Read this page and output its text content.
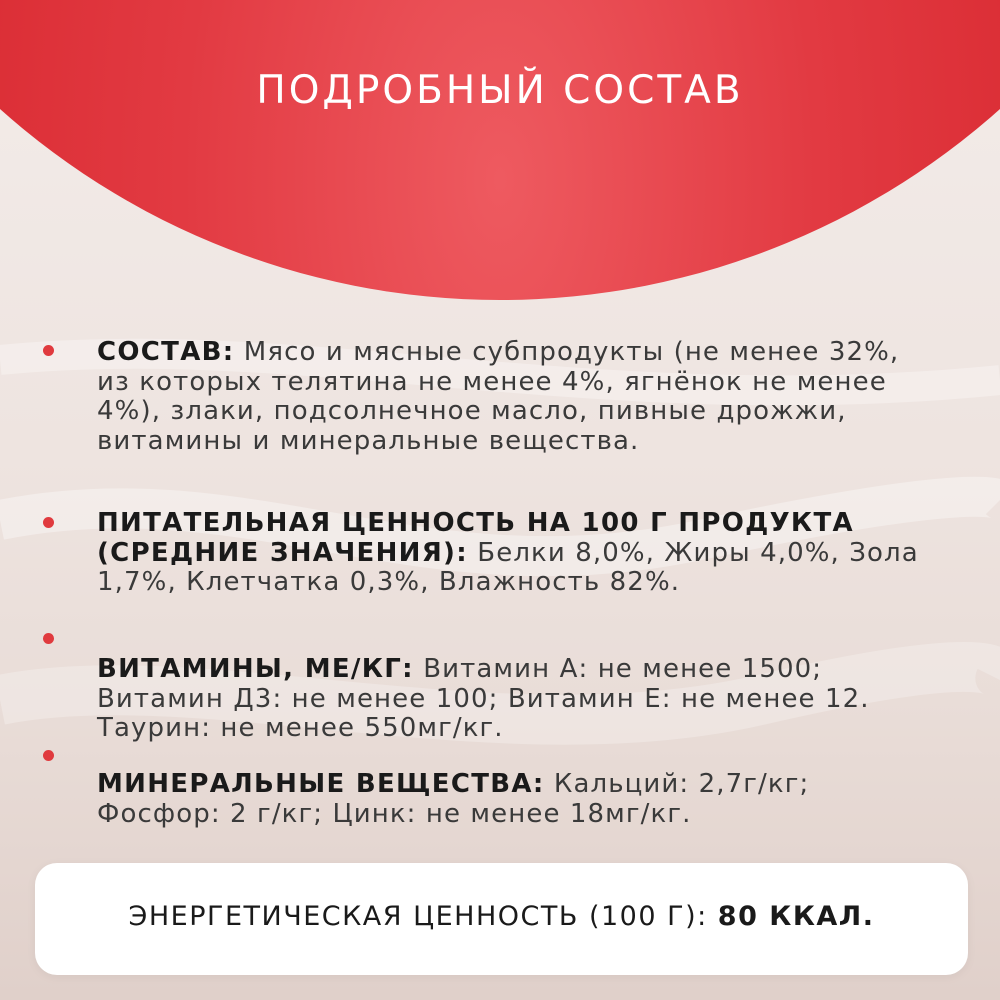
ПОДРОБНЫЙ СОСТАВ
СОСТАВ: Мясо и мясные субпродукты (не менее 32%, из которых телятина не менее 4%, ягнёнок не менее 4%), злаки, подсолнечное масло, пивные дрожжи, витамины и минеральные вещества.
ПИТАТЕЛЬНАЯ ЦЕННОСТЬ НА 100 Г ПРОДУКТА (СРЕДНИЕ ЗНАЧЕНИЯ): Белки 8,0%, Жиры 4,0%, Зола 1,7%, Клетчатка 0,3%, Влажность 82%.
ВИТАМИНЫ, МЕ/КГ: Витамин А: не менее 1500; Витамин Д3: не менее 100; Витамин Е: не менее 12. Таурин: не менее 550мг/кг.
МИНЕРАЛЬНЫЕ ВЕЩЕСТВА: Кальций: 2,7г/кг; Фосфор: 2 г/кг; Цинк: не менее 18мг/кг.
ЭНЕРГЕТИЧЕСКАЯ ЦЕННОСТЬ (100 Г): 80 ККАЛ.
